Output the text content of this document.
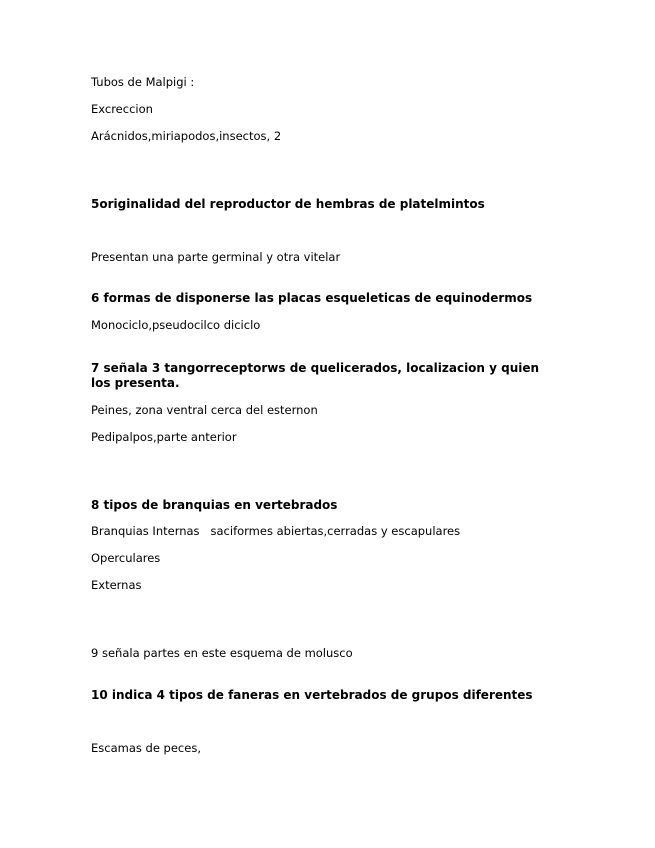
Tubos de Malpigi :
Excreccion
Arácnidos,miriapodos,insectos, 2
5originalidad del reproductor de hembras de platelmintos
Presentan una parte germinal y otra vitelar
6 formas de disponerse las placas esqueleticas de equinodermos
Monociclo,pseudocilco diciclo
7 señala 3 tangorreceptorws de quelicerados, localizacion y quien los presenta.
Peines, zona ventral cerca del esternon
Pedipalpos,parte anterior
8 tipos de branquias en vertebrados
Branquias Internas   saciformes abiertas,cerradas y escapulares
Operculares
Externas
9 señala partes en este esquema de molusco
10 indica 4 tipos de faneras en vertebrados de grupos diferentes
Escamas de peces,
